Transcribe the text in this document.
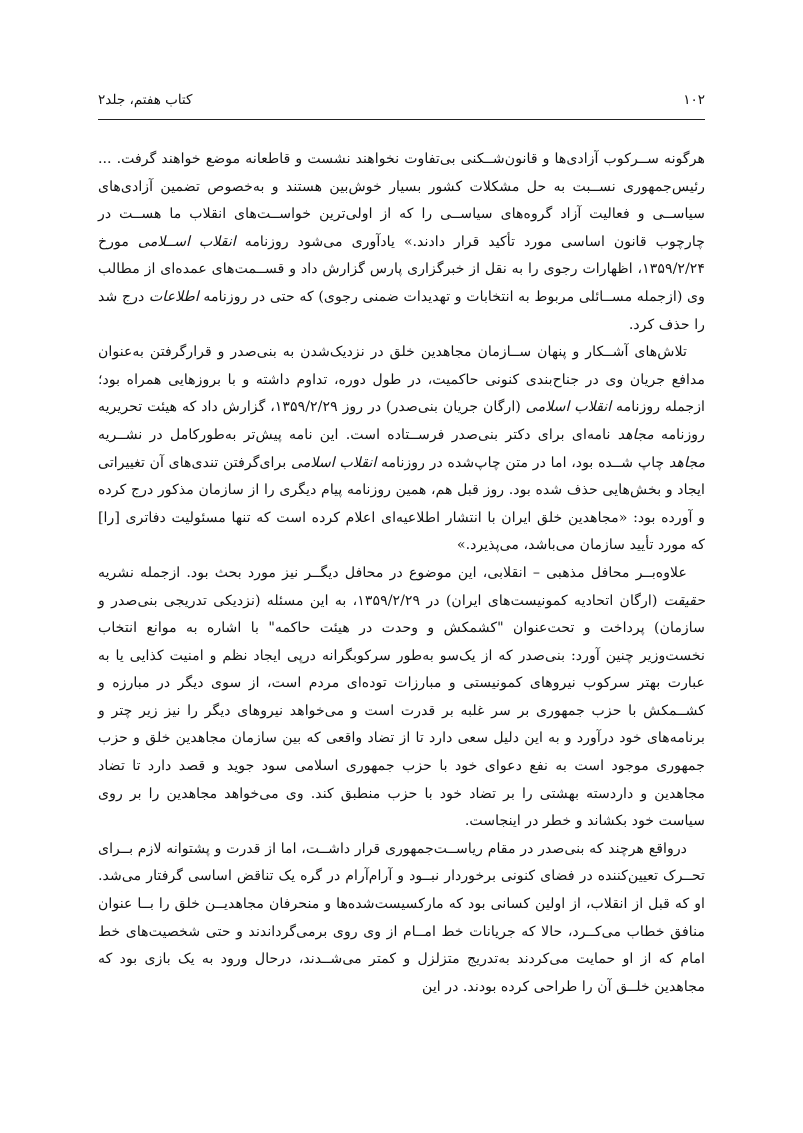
۱۰۲
کتاب هفتم، جلد۲

هرگونه ســرکوب آزادی‌ها و قانون‌شــکنی بی‌تفاوت نخواهند نشست و قاطعانه موضع خواهند گرفت. ... رئیس‌جمهوری نســبت به حل مشکلات کشور بسیار خوش‌بین هستند و به‌خصوص تضمین آزادی‌های سیاســی و فعالیت آزاد گروه‌های سیاســی را که از اولی‌ترین خواســت‌های انقلاب ما هســت در چارچوب قانون اساسی مورد تأکید قرار دادند.» یادآوری می‌شود روزنامه انقلاب اســلامی مورخ ۱۳۵۹/۲/۲۴، اظهارات رجوی را به نقل از خبرگزاری پارس گزارش داد و قســمت‌های عمده‌ای از مطالب وی (ازجمله مســائلی مربوط به انتخابات و تهدیدات ضمنی رجوی) که حتی در روزنامه اطلاعات درج شد را حذف کرد.

تلاش‌های آشــکار و پنهان ســازمان مجاهدین خلق در نزدیک‌شدن به بنی‌صدر و قرارگرفتن به‌عنوان مدافع جریان وی در جناح‌بندی کنونی حاکمیت، در طول دوره، تداوم داشته و با بروزهایی همراه بود؛ ازجمله روزنامه انقلاب اسلامی (ارگان جریان بنی‌صدر) در روز ۱۳۵۹/۲/۲۹، گزارش داد که هیئت تحریریه روزنامه مجاهد نامه‌ای برای دکتر بنی‌صدر فرســتاده است. این نامه پیش‌تر به‌طورکامل در نشــریه مجاهد چاپ شــده بود، اما در متن چاپ‌شده در روزنامه انقلاب اسلامی برای‌گرفتن تندی‌های آن تغییراتی ایجاد و بخش‌هایی حذف شده بود. روز قبل هم، همین روزنامه پیام دیگری را از سازمان مذکور درج کرده و آورده بود: «مجاهدین خلق ایران با انتشار اطلاعیه‌ای اعلام کرده است که تنها مسئولیت دفاتری [را] که مورد تأیید سازمان می‌باشد، می‌پذیرد.»

علاوه‌بــر محافل مذهبی – انقلابی، این موضوع در محافل دیگــر نیز مورد بحث بود. ازجمله نشریه حقیقت (ارگان اتحادیه کمونیست‌های ایران) در ۱۳۵۹/۲/۲۹، به این مسئله (نزدیکی تدریجی بنی‌صدر و سازمان) پرداخت و تحت‌عنوان "کشمکش و وحدت در هیئت حاکمه" با اشاره به موانع انتخاب نخست‌وزیر چنین آورد: بنی‌صدر که از یک‌سو به‌طور سرکوبگرانه درپی ایجاد نظم و امنیت کذایی یا به عبارت بهتر سرکوب نیروهای کمونیستی و مبارزات توده‌ای مردم است، از سوی دیگر در مبارزه و کشــمکش با حزب جمهوری بر سر غلبه بر قدرت است و می‌خواهد نیروهای دیگر را نیز زیر چتر و برنامه‌های خود درآورد و به این دلیل سعی دارد تا از تضاد واقعی که بین سازمان مجاهدین خلق و حزب جمهوری موجود است به نفع دعوای خود با حزب جمهوری اسلامی سود جوید و قصد دارد تا تضاد مجاهدین و داردسته بهشتی را بر تضاد خود با حزب منطبق کند. وی می‌خواهد مجاهدین را بر روی سیاست خود بکشاند و خطر در اینجاست.

درواقع هرچند که بنی‌صدر در مقام ریاســت‌جمهوری قرار داشــت، اما از قدرت و پشتوانه لازم بــرای تحــرک تعیین‌کننده در فضای کنونی برخوردار نبــود و آرام‌آرام در گره یک تناقض اساسی گرفتار می‌شد. او که قبل از انقلاب، از اولین کسانی بود که مارکسیست‌شده‌ها و منحرفان مجاهدیــن خلق را بــا عنوان منافق خطاب می‌کــرد، حالا که جریانات خط امــام از وی روی برمی‌گرداندند و حتی شخصیت‌های خط امام که از او حمایت می‌کردند به‌تدریج متزلزل و کمتر می‌شــدند، درحال ورود به یک بازی بود که مجاهدین خلــق آن را طراحی کرده بودند. در این
